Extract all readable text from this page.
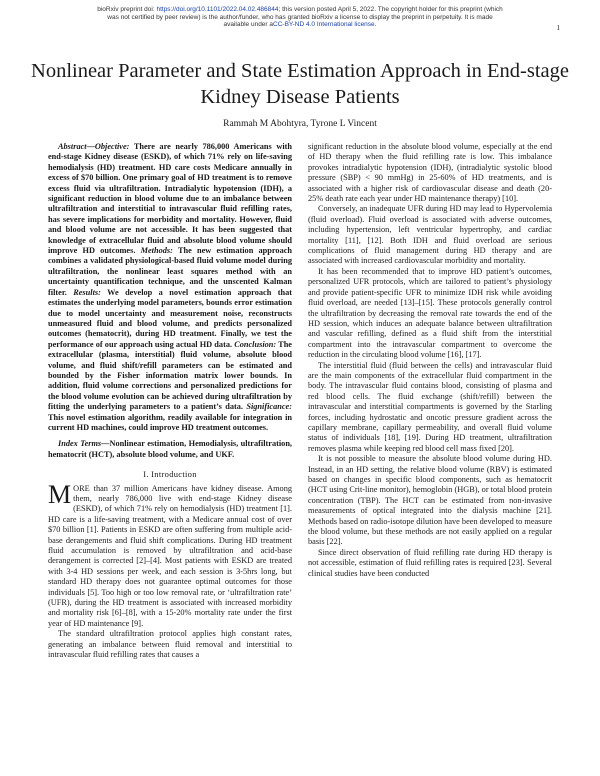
bioRxiv preprint doi: https://doi.org/10.1101/2022.04.02.486844; this version posted April 5, 2022. The copyright holder for this preprint (which
was not certified by peer review) is the author/funder, who has granted bioRxiv a license to display the preprint in perpetuity. It is made
available under aCC-BY-ND 4.0 International license.	1
Nonlinear Parameter and State Estimation Approach in End-stage Kidney Disease Patients
Rammah M Abohtyra, Tyrone L Vincent

Abstract—Objective: There are nearly 786,000 Americans with end-stage Kidney disease (ESKD), of which 71% rely on life-saving hemodialysis (HD) treatment. HD care costs Medicare annually in excess of $70 billion. One primary goal of HD treatment is to remove excess fluid via ultrafiltration. Intradialytic hypotension (IDH), a significant reduction in blood volume due to an imbalance between ultrafiltration and interstitial to intravascular fluid refilling rates, has severe implications for morbidity and mortality. However, fluid and blood volume are not accessible. It has been suggested that knowledge of extracellular fluid and absolute blood volume should improve HD outcomes. Methods: The new estimation approach combines a validated physiological-based fluid volume model during ultrafiltration, the nonlinear least squares method with an uncertainty quantification technique, and the unscented Kalman filter. Results: We develop a novel estimation approach that estimates the underlying model parameters, bounds error estimation due to model uncertainty and measurement noise, reconstructs unmeasured fluid and blood volume, and predicts personalized outcomes (hematocrit), during HD treatment. Finally, we test the performance of our approach using actual HD data. Conclusion: The extracellular (plasma, interstitial) fluid volume, absolute blood volume, and fluid shift/refill parameters can be estimated and bounded by the Fisher information matrix lower bounds. In addition, fluid volume corrections and personalized predictions for the blood volume evolution can be achieved during ultrafiltration by fitting the underlying parameters to a patient’s data. Significance: This novel estimation algorithm, readily available for integration in current HD machines, could improve HD treatment outcomes.

Index Terms—Nonlinear estimation, Hemodialysis, ultrafiltration, hematocrit (HCT), absolute blood volume, and UKF.

I. Introduction

MORE than 37 million Americans have kidney disease. Among them, nearly 786,000 live with end-stage Kidney disease (ESKD), of which 71% rely on hemodialysis (HD) treatment [1]. HD care is a life-saving treatment, with a Medicare annual cost of over $70 billion [1]. Patients in ESKD are often suffering from multiple acid-base derangements and fluid shift complications. During HD treatment fluid accumulation is removed by ultrafiltration and acid-base derangement is corrected [2]–[4]. Most patients with ESKD are treated with 3-4 HD sessions per week, and each session is 3-5hrs long, but standard HD therapy does not guarantee optimal outcomes for those individuals [5]. Too high or too low removal rate, or ‘ultrafiltration rate’ (UFR), during the HD treatment is associated with increased morbidity and mortality risk [6]–[8], with a 15-20% mortality rate under the first year of HD maintenance [9].

The standard ultrafiltration protocol applies high constant rates, generating an imbalance between fluid removal and interstitial to intravascular fluid refilling rates that causes a

significant reduction in the absolute blood volume, especially at the end of HD therapy when the fluid refilling rate is low. This imbalance provokes intradialytic hypotension (IDH), (intradialytic systolic blood pressure (SBP) < 90 mmHg) in 25-60% of HD treatments, and is associated with a higher risk of cardiovascular disease and death (20-25% death rate each year under HD maintenance therapy) [10].

Conversely, an inadequate UFR during HD may lead to Hypervolemia (fluid overload). Fluid overload is associated with adverse outcomes, including hypertension, left ventricular hypertrophy, and cardiac mortality [11], [12]. Both IDH and fluid overload are serious complications of fluid management during HD therapy and are associated with increased cardiovascular morbidity and mortality.

It has been recommended that to improve HD patient’s outcomes, personalized UFR protocols, which are tailored to patient’s physiology and provide patient-specific UFR to minimize IDH risk while avoiding fluid overload, are needed [13]–[15]. These protocols generally control the ultrafiltration by decreasing the removal rate towards the end of the HD session, which induces an adequate balance between ultrafiltration and vascular refilling, defined as a fluid shift from the interstitial compartment into the intravascular compartment to overcome the reduction in the circulating blood volume [16], [17].

The interstitial fluid (fluid between the cells) and intravascular fluid are the main components of the extracellular fluid compartment in the body. The intravascular fluid contains blood, consisting of plasma and red blood cells. The fluid exchange (shift/refill) between the intravascular and interstitial compartments is governed by the Starling forces, including hydrostatic and oncotic pressure gradient across the capillary membrane, capillary permeability, and overall fluid volume status of individuals [18], [19]. During HD treatment, ultrafiltration removes plasma while keeping red blood cell mass fixed [20].

It is not possible to measure the absolute blood volume during HD. Instead, in an HD setting, the relative blood volume (RBV) is estimated based on changes in specific blood components, such as hematocrit (HCT using Crit-line monitor), hemoglobin (HGB), or total blood protein concentration (TBP). The HCT can be estimated from non-invasive measurements of optical integrated into the dialysis machine [21]. Methods based on radio-isotope dilution have been developed to measure the blood volume, but these methods are not easily applied on a regular basis [22].

Since direct observation of fluid refilling rate during HD therapy is not accessible, estimation of fluid refilling rates is required [23]. Several clinical studies have been conducted
